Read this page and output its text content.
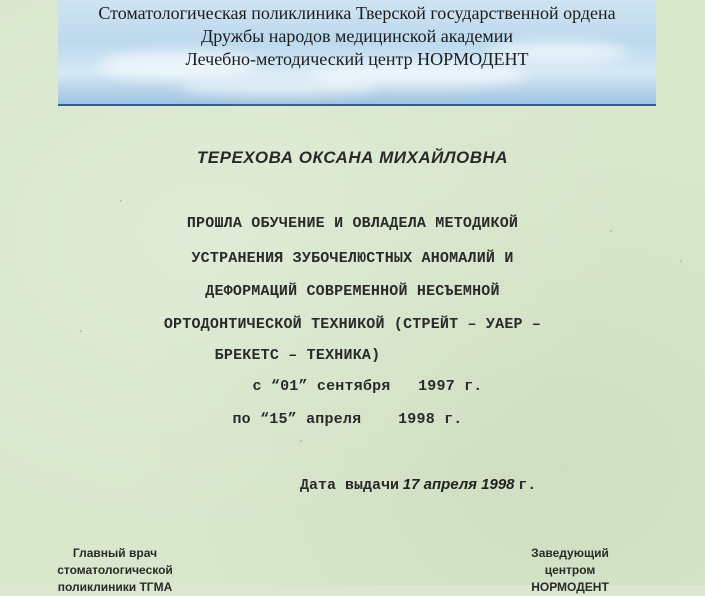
Стоматологическая поликлиника Тверской государственной ордена
Дружбы народов медицинской академии
Лечебно-методический центр НОРМОДЕНТ
ТЕРЕХОВА ОКСАНА МИХАЙЛОВНА
ПРОШЛА ОБУЧЕНИЕ И ОВЛАДЕЛА МЕТОДИКОЙ
УСТРАНЕНИЯ ЗУБОЧЕЛЮСТНЫХ АНОМАЛИЙ И
ДЕФОРМАЦИЙ СОВРЕМЕННОЙ НЕСЪЕМНОЙ
ОРТОДОНТИЧЕСКОЙ ТЕХНИКОЙ (СТРЕЙТ – УАЕР –
БРЕКЕТС – ТЕХНИКА)
с “01” сентября   1997 г.
по “15” апреля    1998 г.
Дата выдачи 17 апреля 1998 г.
Главный врач
стоматологической
поликлиники ТГМА
Заведующий
центром
НОРМОДЕНТ
